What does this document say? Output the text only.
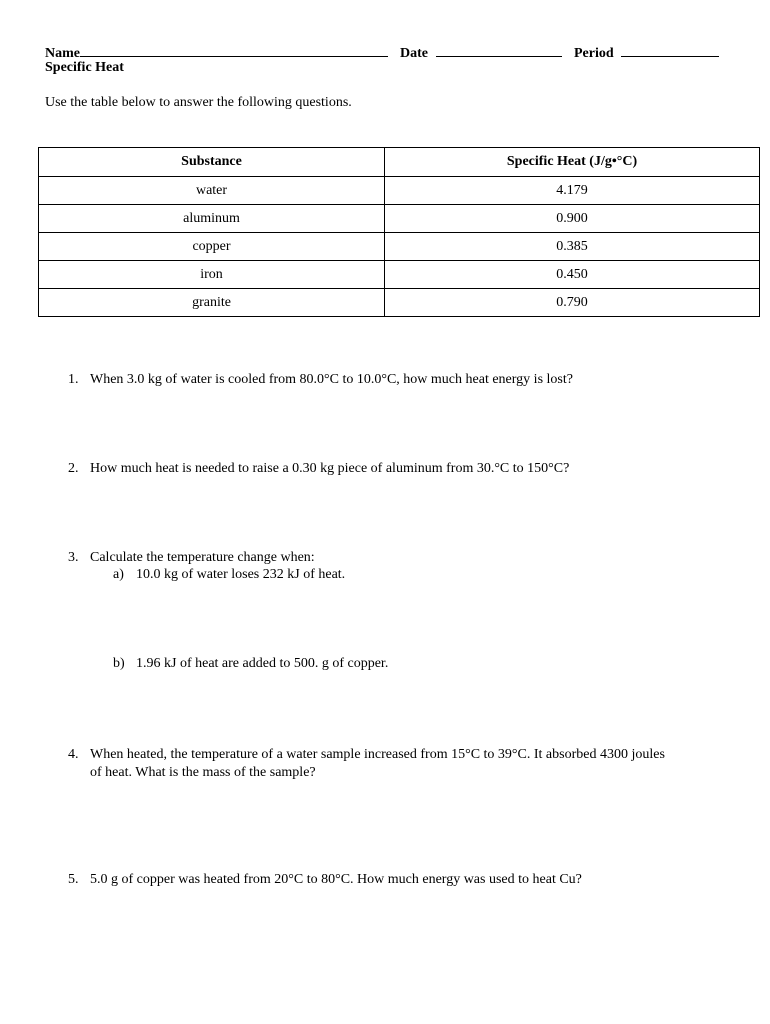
Name	Date	Period
Specific Heat
Use the table below to answer the following questions.
Substance	Specific Heat (J/g•°C)
water	4.179
aluminum	0.900
copper	0.385
iron	0.450
granite	0.790
1. When 3.0 kg of water is cooled from 80.0°C to 10.0°C, how much heat energy is lost?
2. How much heat is needed to raise a 0.30 kg piece of aluminum from 30.°C to 150°C?
3. Calculate the temperature change when:
a) 10.0 kg of water loses 232 kJ of heat.
b) 1.96 kJ of heat are added to 500. g of copper.
4. When heated, the temperature of a water sample increased from 15°C to 39°C. It absorbed 4300 joules
of heat. What is the mass of the sample?
5. 5.0 g of copper was heated from 20°C to 80°C. How much energy was used to heat Cu?
